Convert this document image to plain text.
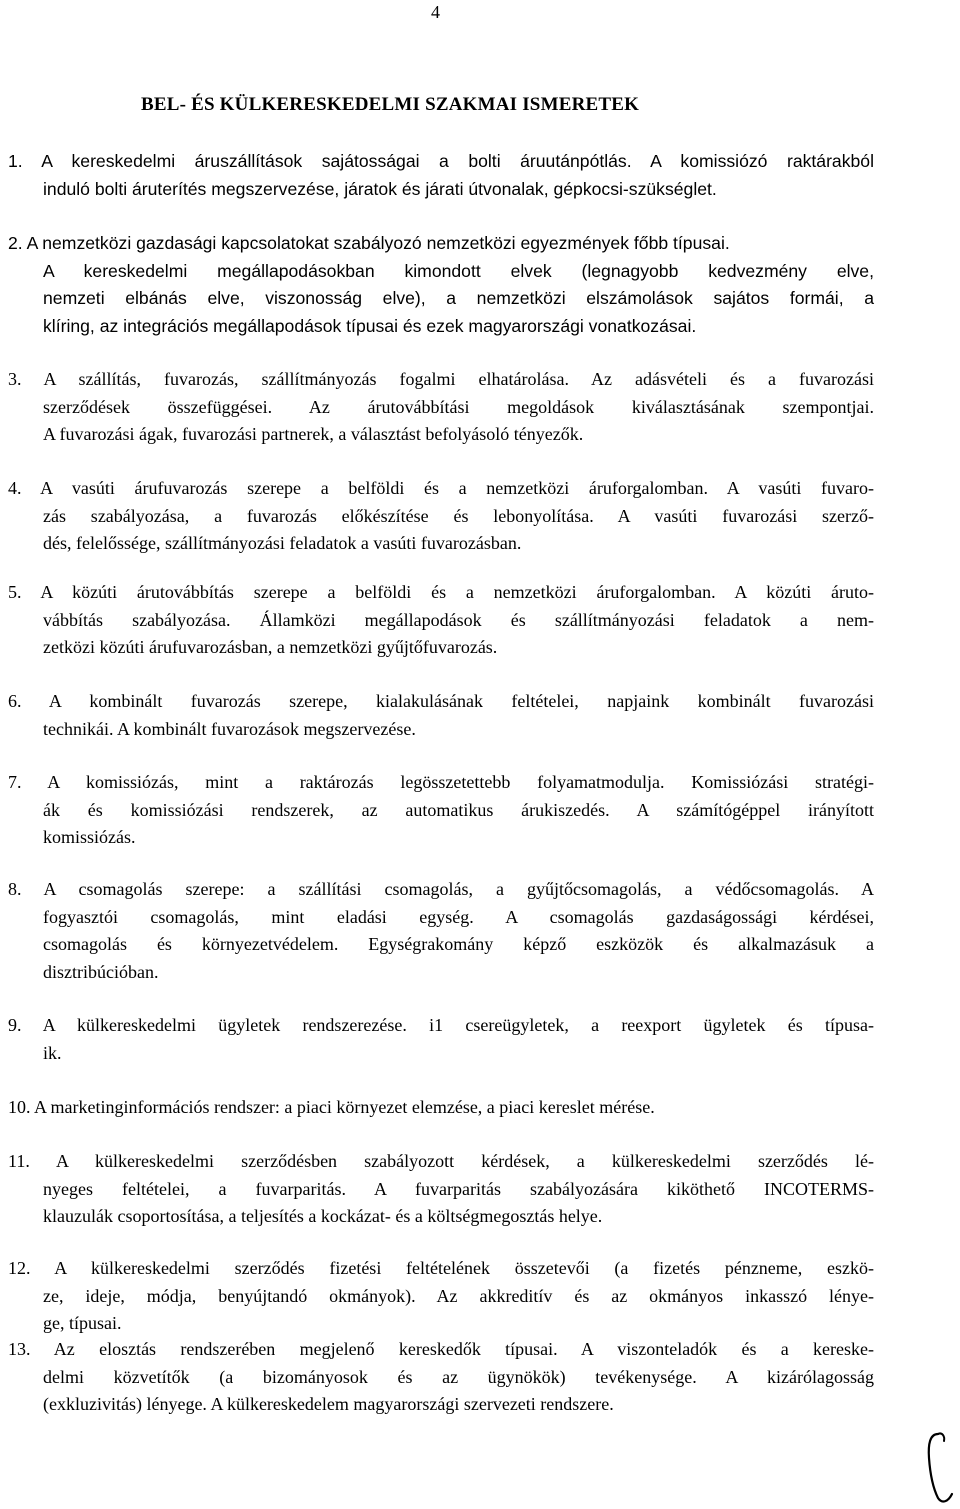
4
BEL- ÉS KÜLKERESKEDELMI SZAKMAI ISMERETEK
1. A kereskedelmi áruszállítások sajátosságai a bolti áruutánpótlás. A komissiózó raktárakból
induló bolti áruterítés megszervezése, járatok és járati útvonalak, gépkocsi-szükséglet.
2. A nemzetközi gazdasági kapcsolatokat szabályozó nemzetközi egyezmények főbb típusai.
A kereskedelmi megállapodásokban kimondott elvek (legnagyobb kedvezmény elve,
nemzeti elbánás elve, viszonosság elve), a nemzetközi elszámolások sajátos formái, a
klíring, az integrációs megállapodások típusai és ezek magyarországi vonatkozásai.
3. A szállítás, fuvarozás, szállítmányozás fogalmi elhatárolása. Az adásvételi és a fuvarozási
szerződések összefüggései. Az árutovábbítási megoldások kiválasztásának szempontjai.
A fuvarozási ágak, fuvarozási partnerek, a választást befolyásoló tényezők.
4. A vasúti árufuvarozás szerepe a belföldi és a nemzetközi áruforgalomban. A vasúti fuvaro-
zás szabályozása, a fuvarozás előkészítése és lebonyolítása. A vasúti fuvarozási szerző-
dés, felelőssége, szállítmányozási feladatok a vasúti fuvarozásban.
5. A közúti árutovábbítás szerepe a belföldi és a nemzetközi áruforgalomban. A közúti áruto-
vábbítás szabályozása. Államközi megállapodások és szállítmányozási feladatok a nem-
zetközi közúti árufuvarozásban, a nemzetközi gyűjtőfuvarozás.
6. A kombinált fuvarozás szerepe, kialakulásának feltételei, napjaink kombinált fuvarozási
technikái. A kombinált fuvarozások megszervezése.
7. A komissiózás, mint a raktározás legösszetettebb folyamatmodulja. Komissiózási stratégi-
ák és komissiózási rendszerek, az automatikus árukiszedés. A számítógéppel irányított
komissiózás.
8. A csomagolás szerepe: a szállítási csomagolás, a gyűjtőcsomagolás, a védőcsomagolás. A
fogyasztói csomagolás, mint eladási egység. A csomagolás gazdaságossági kérdései,
csomagolás és környezetvédelem. Egységrakomány képző eszközök és alkalmazásuk a
disztribúcióban.
9. A külkereskedelmi ügyletek rendszerezése. i1 csereügyletek, a reexport ügyletek és típusa-
ik.
10. A marketinginformációs rendszer: a piaci környezet elemzése, a piaci kereslet mérése.
11. A külkereskedelmi szerződésben szabályozott kérdések, a külkereskedelmi szerződés lé-
nyeges feltételei, a fuvarparitás. A fuvarparitás szabályozására kiköthető INCOTERMS-
klauzulák csoportosítása, a teljesítés a kockázat- és a költségmegosztás helye.
12. A külkereskedelmi szerződés fizetési feltételének összetevői (a fizetés pénzneme, eszkö-
ze, ideje, módja, benyújtandó okmányok). Az akkreditív és az okmányos inkasszó lénye-
ge, típusai.
13. Az elosztás rendszerében megjelenő kereskedők típusai. A viszonteladók és a kereske-
delmi közvetítők (a bizományosok és az ügynökök) tevékenysége. A kizárólagosság
(exkluzivitás) lényege. A külkereskedelem magyarországi szervezeti rendszere.
